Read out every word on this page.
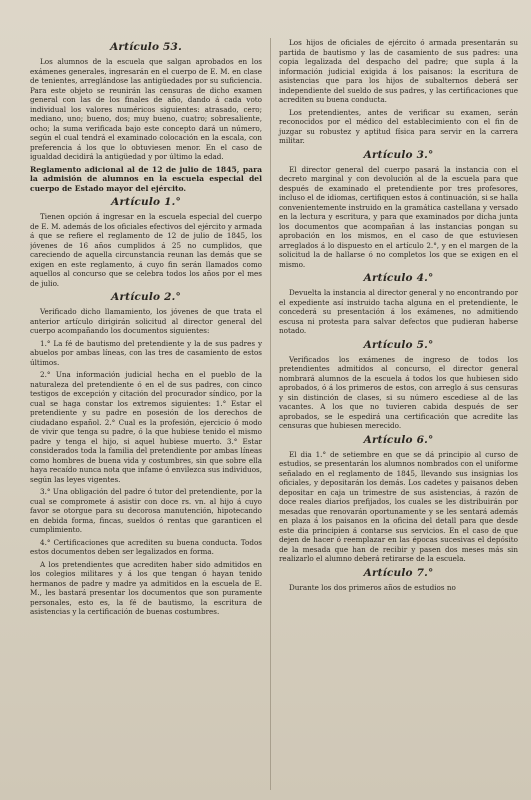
Artículo 53.

Los alumnos de la escuela que salgan aprobados en los exámenes generales, ingresarán en el cuerpo de E. M. en clase de tenientes, arreglándose las antigüedades por su suficiencia. Para este objeto se reunirán las censuras de dicho examen general con las de los finales de año, dando á cada voto individual los valores numéricos siguientes: atrasado, cero; mediano, uno; bueno, dos; muy bueno, cuatro; sobresaliente, ocho; la suma verificada bajo este concepto dará un número, según el cual tendrá el examinado colocación en la escala, con preferencia á los que lo obtuviesen menor. En el caso de igualdad decidirá la antigüedad y por último la edad.

Reglamento adicional al de 12 de julio de 1845, para la admisión de alumnos en la escuela especial del cuerpo de Estado mayor del ejército.
Artículo 1.°

Tienen opción á ingresar en la escuela especial del cuerpo de E. M. además de los oficiales efectivos del ejército y armada á que se refiere el reglamento de 12 de julio de 1845, los jóvenes de 16 años cumplidos á 25 no cumplidos, que careciendo de aquella circunstancia reunan las demás que se exigen en este reglamento, á cuyo fin serán llamados como aquellos al concurso que se celebra todos los años por el mes de julio.

Artículo 2.°

Verificado dicho llamamiento, los jóvenes de que trata el anterior artículo dirigirán solicitud al director general del cuerpo acompañando los documentos siguientes:

1.° La fé de bautismo del pretendiente y la de sus padres y abuelos por ambas líneas, con las tres de casamiento de estos últimos.

2.° Una información judicial hecha en el pueblo de la naturaleza del pretendiente ó en el de sus padres, con cinco testigos de excepción y citación del procurador síndico, por la cual se haga constar los extremos siguientes: 1.° Estar el pretendiente y su padre en posesión de los derechos de ciudadano español. 2.° Cual es la profesión, ejercicio ó modo de vivir que tenga su padre, ó la que hubiese tenido el mismo padre y tenga el hijo, si aquel hubiese muerto. 3.° Estar considerados toda la familia del pretendiente por ambas líneas como hombres de buena vida y costumbres, sin que sobre ella haya recaído nunca nota que infame ó envilezca sus individuos, según las leyes vigentes.

3.° Una obligación del padre ó tutor del pretendiente, por la cual se compromete á asistir con doce rs. vn. al hijo á cuyo favor se otorgue para su decorosa manutención, hipotecando en debida forma, fincas, sueldos ó rentas que garanticen el cumplimiento.

4.° Certificaciones que acrediten su buena conducta. Todos estos documentos deben ser legalizados en forma.

A los pretendientes que acrediten haber sido admitidos en los colegios militares y á los que tengan ó hayan tenido hermanos de padre y madre ya admitidos en la escuela de E. M., les bastará presentar los documentos que son puramente personales, esto es, la fé de bautismo, la escritura de asistencias y la certificación de buenas costumbres.

Los hijos de oficiales de ejército ó armada presentarán su partida de bautismo y las de casamiento de sus padres: una copia legalizada del despacho del padre; que supla á la información judicial exigida á los paisanos: la escritura de asistencias que para los hijos de subalternos deberá ser independiente del sueldo de sus padres, y las certificaciones que acrediten su buena conducta.

Los pretendientes, antes de verificar su examen, serán reconocidos por el médico del establecimiento con el fin de juzgar su robustez y aptitud física para servir en la carrera militar.

Artículo 3.°

El director general del cuerpo pasará la instancia con el decreto marginal y con devolución al de la escuela para que después de examinado el pretendiente por tres profesores, incluso el de idiomas, certifiquen estos á continuación, si se halla convenientemente instruido en la gramática castellana y versado en la lectura y escritura, y para que examinados por dicha junta los documentos que acompañan á las instancias pongan su aprobación en los mismos, en el caso de que estuviesen arreglados á lo dispuesto en el artículo 2.°, y en el margen de la solicitud la de hallarse ó no completos los que se exigen en el mismo.

Artículo 4.°

Devuelta la instancia al director general y no encontrando por el expediente así instruido tacha alguna en el pretendiente, le concederá su presentación á los exámenes, no admitiendo escusa ni protesta para salvar defectos que pudieran haberse notado.

Artículo 5.°

Verificados los exámenes de ingreso de todos los pretendientes admitidos al concurso, el director general nombrará alumnos de la escuela á todos los que hubiesen sido aprobados, ó á los primeros de estos, con arreglo á sus censuras y sin distinción de clases, si su número escediese al de las vacantes. A los que no tuvieren cabida después de ser aprobados, se le espedirá una certificación que acredite las censuras que hubiesen merecido.

Artículo 6.°

El dia 1.° de setiembre en que se dá principio al curso de estudios, se presentarán los alumnos nombrados con el uniforme señalado en el reglamento de 1845, llevando sus insignias los oficiales, y depositarán los demás. Los cadetes y paisanos deben depositar en caja un trimestre de sus asistencias, á razón de doce reales diarios prefijados, los cuales se les distribuirán por mesadas que renovarán oportunamente y se les sentará además en plaza á los paisanos en la oficina del detall para que desde este dia principien á contarse sus servicios. En el caso de que dejen de hacer ó reemplazar en las épocas sucesivas el depósito de la mesada que han de recibir y pasen dos meses más sin realizarlo el alumno deberá retirarse de la escuela.

Artículo 7.°

Durante los dos primeros años de estudios no
